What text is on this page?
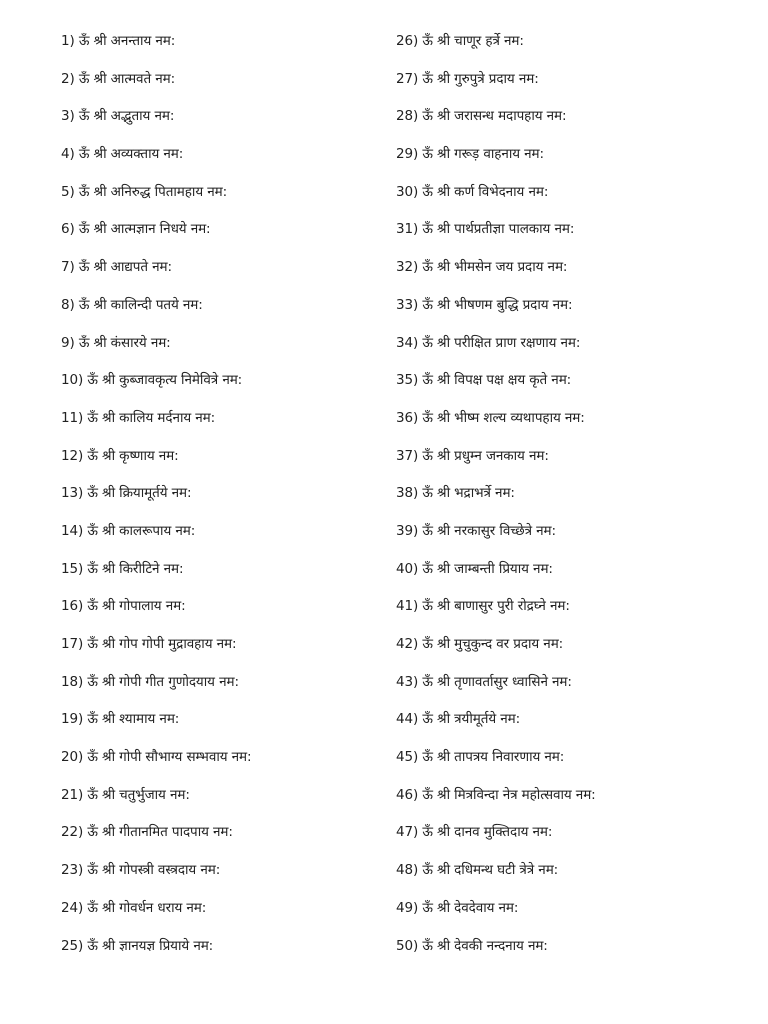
1) ऊँ श्री अनन्ताय नम:
2) ऊँ श्री आत्मवते नम:
3) ऊँ श्री अद्भुताय नम:
4) ऊँ श्री अव्यक्ताय नम:
5) ऊँ श्री अनिरुद्ध पितामहाय नम:
6) ऊँ श्री आत्मज्ञान निधये नम:
7) ऊँ श्री आद्यपते नम:
8) ऊँ श्री कालिन्दी पतये नम:
9) ऊँ श्री कंसारये नम:
10) ऊँ श्री कुब्जावकृत्य निमेवित्रे नम:
11) ऊँ श्री कालिय मर्दनाय नम:
12) ऊँ श्री कृष्णाय नम:
13) ऊँ श्री क्रियामूर्तये नम:
14) ऊँ श्री कालरूपाय नम:
15) ऊँ श्री किरीटिने नम:
16) ऊँ श्री गोपालाय नम:
17) ऊँ श्री गोप गोपी मुद्रावहाय नम:
18) ऊँ श्री गोपी गीत गुणोदयाय नम:
19) ऊँ श्री श्यामाय नम:
20) ऊँ श्री गोपी सौभाग्य सम्भवाय नम:
21) ऊँ श्री चतुर्भुजाय नम:
22) ऊँ श्री गीतानमित पादपाय नम:
23) ऊँ श्री गोपस्त्री वस्त्रदाय नम:
24) ऊँ श्री गोवर्धन धराय नम:
25) ऊँ श्री ज्ञानयज्ञ प्रियाये नम:
26) ऊँ श्री चाणूर हर्त्रे नम:
27) ऊँ श्री गुरुपुत्रे प्रदाय नम:
28) ऊँ श्री जरासन्ध मदापहाय नम:
29) ऊँ श्री गरूड़ वाहनाय नम:
30) ऊँ श्री कर्ण विभेदनाय नम:
31) ऊँ श्री पार्थप्रतीज्ञा पालकाय नम:
32) ऊँ श्री भीमसेन जय प्रदाय नम:
33) ऊँ श्री भीषणम बुद्धि प्रदाय नम:
34) ऊँ श्री परीक्षित प्राण रक्षणाय नम:
35) ऊँ श्री विपक्ष पक्ष क्षय कृते नम:
36) ऊँ श्री भीष्म शल्य व्यथापहाय नम:
37) ऊँ श्री प्रधुम्न जनकाय नम:
38) ऊँ श्री भद्राभर्त्रे नम:
39) ऊँ श्री नरकासुर विच्छेत्रे नम:
40) ऊँ श्री जाम्बन्ती प्रियाय नम:
41) ऊँ श्री बाणासुर पुरी रोद्रघ्ने नम:
42) ऊँ श्री मुचुकुन्द वर प्रदाय नम:
43) ऊँ श्री तृणावर्तासुर ध्वासिने नम:
44) ऊँ श्री त्रयीमूर्तये नम:
45) ऊँ श्री तापत्रय निवारणाय नम:
46) ऊँ श्री मित्रविन्दा नेत्र महोत्सवाय नम:
47) ऊँ श्री दानव मुक्तिदाय नम:
48) ऊँ श्री दधिमन्थ घटी त्रेत्रे नम:
49) ऊँ श्री देवदेवाय नम:
50) ऊँ श्री देवकी नन्दनाय नम:
